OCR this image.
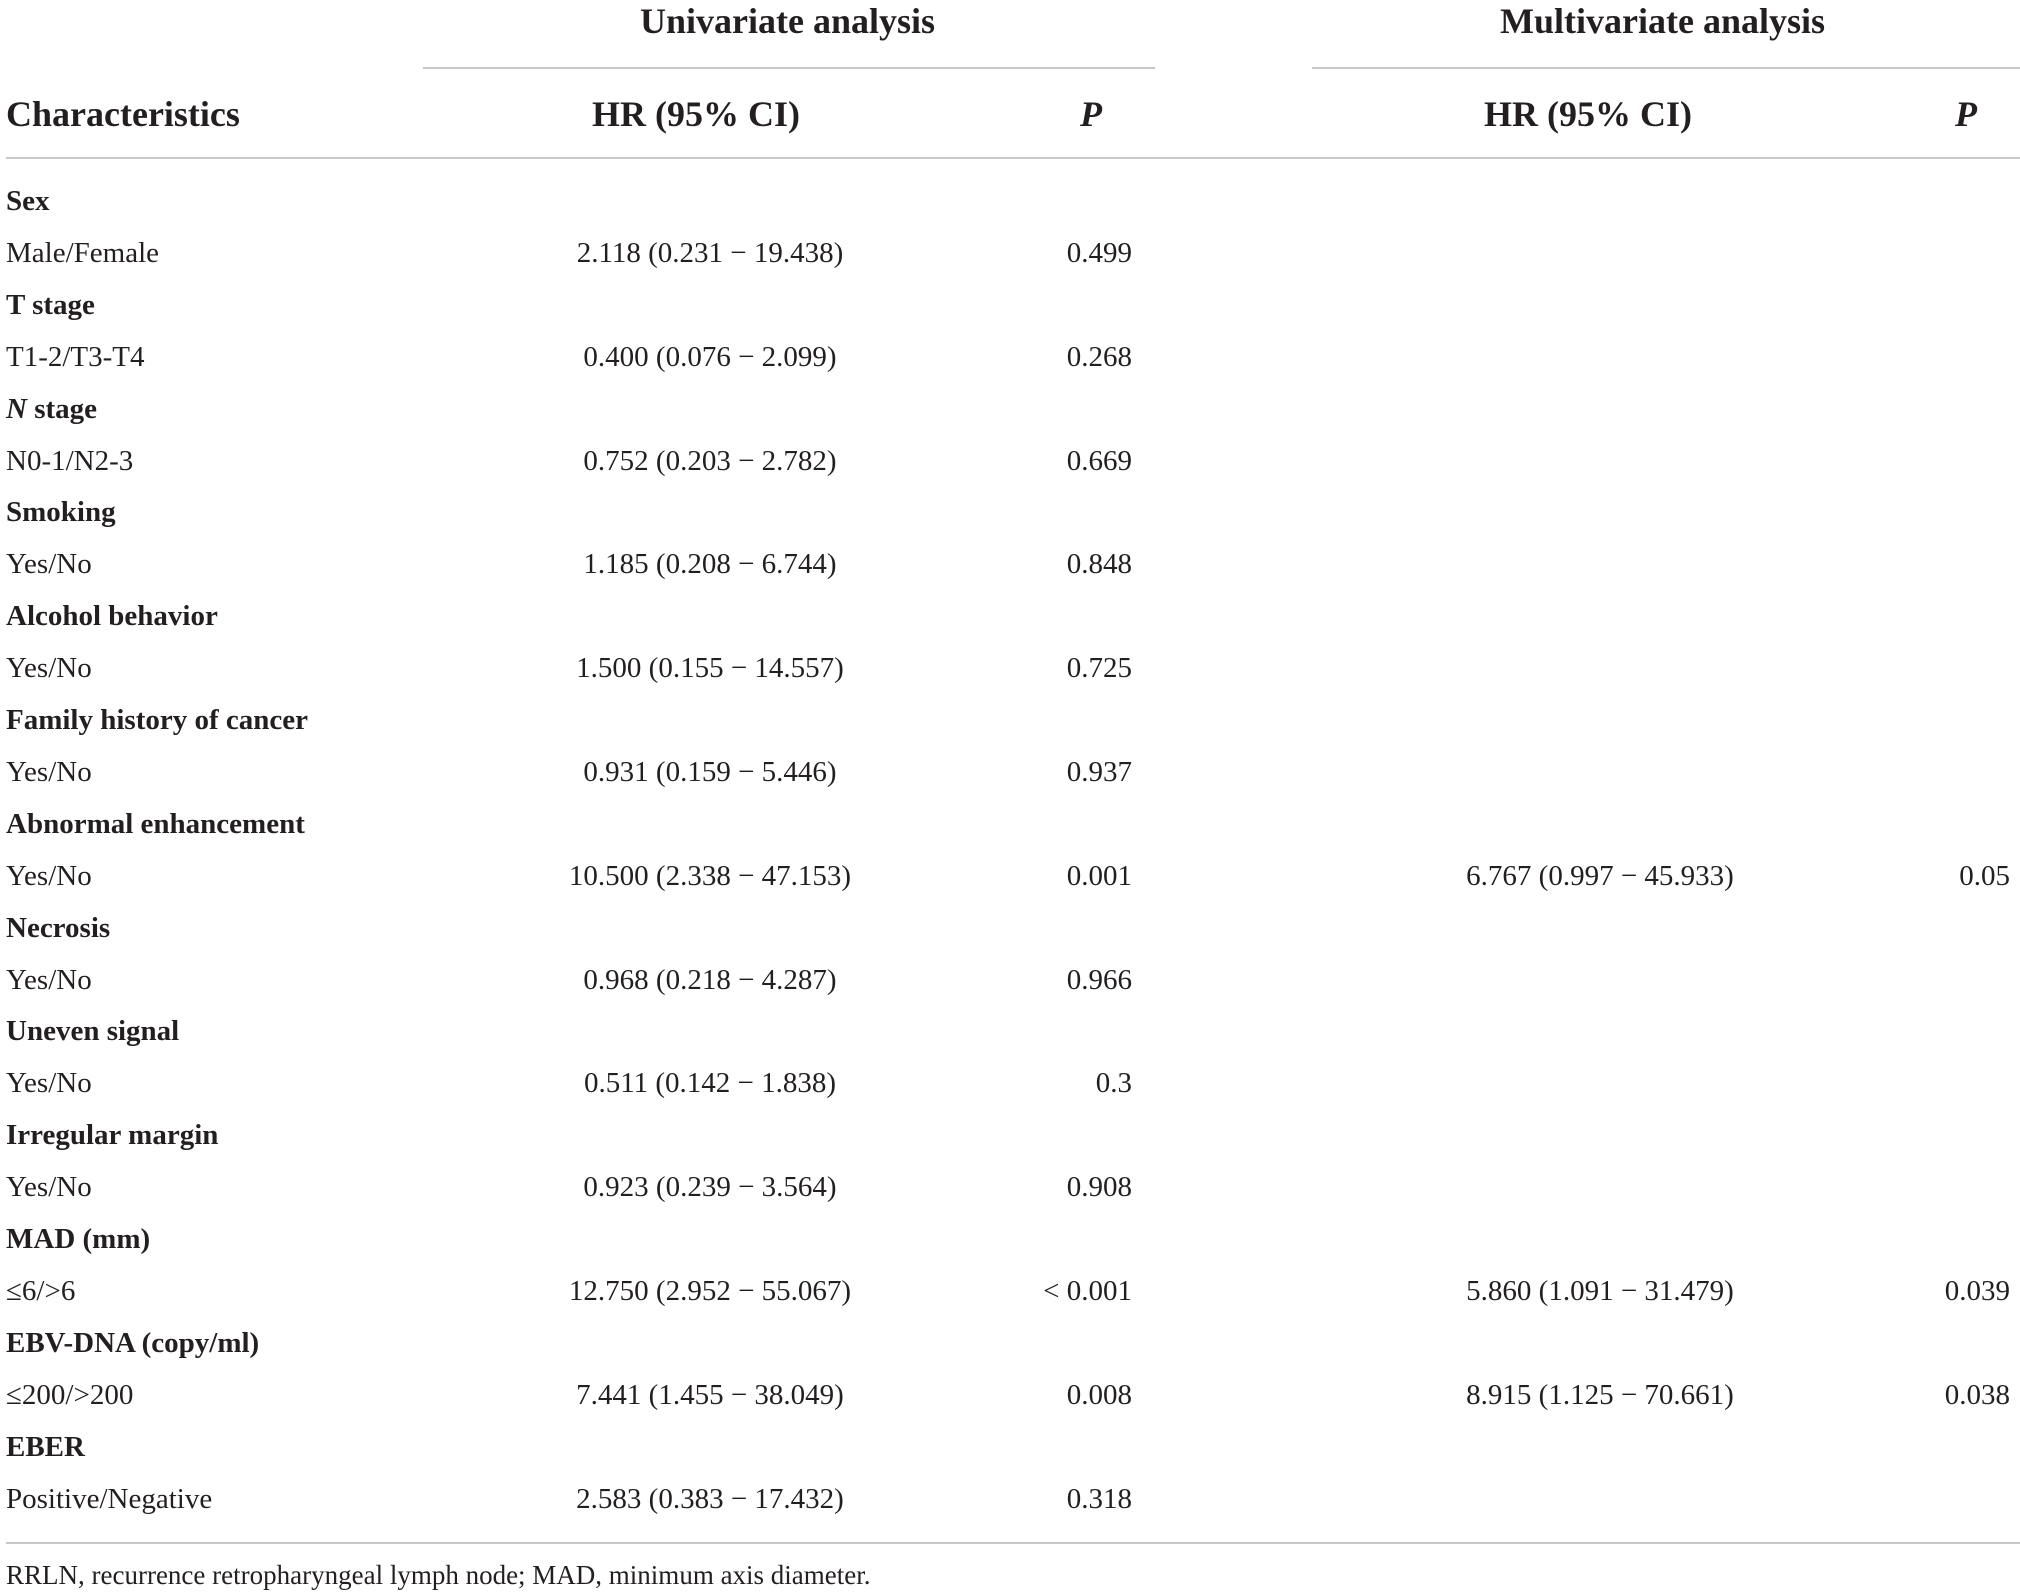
Univariate analysis	Multivariate analysis
Characteristics	HR (95% CI)	P	HR (95% CI)	P
Sex
Male/Female	2.118 (0.231 − 19.438)	0.499
T stage
T1-2/T3-T4	0.400 (0.076 − 2.099)	0.268
N stage
N0-1/N2-3	0.752 (0.203 − 2.782)	0.669
Smoking
Yes/No	1.185 (0.208 − 6.744)	0.848
Alcohol behavior
Yes/No	1.500 (0.155 − 14.557)	0.725
Family history of cancer
Yes/No	0.931 (0.159 − 5.446)	0.937
Abnormal enhancement
Yes/No	10.500 (2.338 − 47.153)	0.001	6.767 (0.997 − 45.933)	0.05
Necrosis
Yes/No	0.968 (0.218 − 4.287)	0.966
Uneven signal
Yes/No	0.511 (0.142 − 1.838)	0.3
Irregular margin
Yes/No	0.923 (0.239 − 3.564)	0.908
MAD (mm)
≤6/>6	12.750 (2.952 − 55.067)	< 0.001	5.860 (1.091 − 31.479)	0.039
EBV-DNA (copy/ml)
≤200/>200	7.441 (1.455 − 38.049)	0.008	8.915 (1.125 − 70.661)	0.038
EBER
Positive/Negative	2.583 (0.383 − 17.432)	0.318
RRLN, recurrence retropharyngeal lymph node; MAD, minimum axis diameter.
